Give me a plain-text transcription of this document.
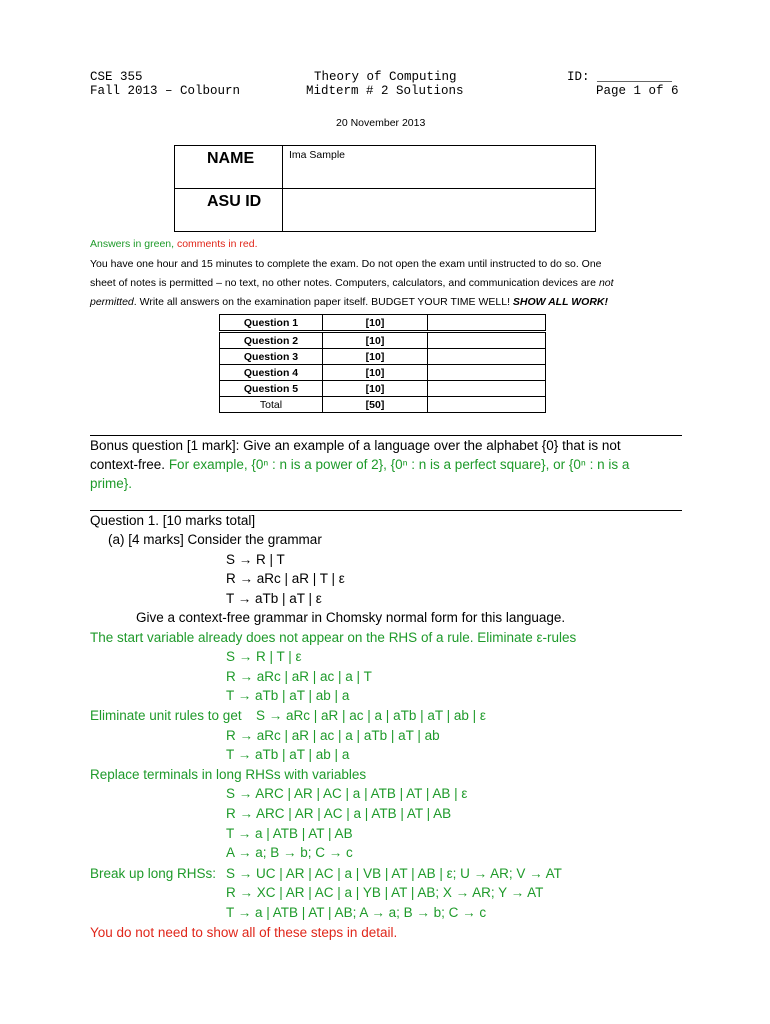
CSE 355
Fall 2013 – Colbourn
Theory of Computing
Midterm # 2 Solutions
ID: __________
Page 1 of 6
20 November 2013
NAME	Ima Sample
ASU ID	
Answers in green, comments in red.
You have one hour and 15 minutes to complete the exam. Do not open the exam until instructed to do so. One
sheet of notes is permitted – no text, no other notes. Computers, calculators, and communication devices are not
permitted. Write all answers on the examination paper itself. BUDGET YOUR TIME WELL! SHOW ALL WORK!
Question 1	[10]	
Question 2	[10]	
Question 3	[10]	
Question 4	[10]	
Question 5	[10]	
Total	[50]	
Bonus question [1 mark]: Give an example of a language over the alphabet {0} that is not
context-free. For example, {0ⁿ : n is a power of 2}, {0ⁿ : n is a perfect square}, or {0ⁿ : n is a
prime}.
Question 1. [10 marks total]
(a) [4 marks] Consider the grammar
S → R | T
R → aRc | aR | T | ε
T → aTb | aT | ε
Give a context-free grammar in Chomsky normal form for this language.
The start variable already does not appear on the RHS of a rule. Eliminate ε-rules
S → R | T | ε
R → aRc | aR | ac | a | T
T → aTb | aT | ab | a
Eliminate unit rules to get S → aRc | aR | ac | a | aTb | aT | ab | ε
R → aRc | aR | ac | a | aTb | aT | ab
T → aTb | aT | ab | a
Replace terminals in long RHSs with variables
S → ARC | AR | AC | a | ATB | AT | AB | ε
R → ARC | AR | AC | a | ATB | AT | AB
T → a | ATB | AT | AB
A → a; B → b; C → c
Break up long RHSs: S → UC | AR | AC | a | VB | AT | AB | ε; U → AR; V → AT
R → XC | AR | AC | a | YB | AT | AB; X → AR; Y → AT
T → a | ATB | AT | AB; A → a; B → b; C → c
You do not need to show all of these steps in detail.
